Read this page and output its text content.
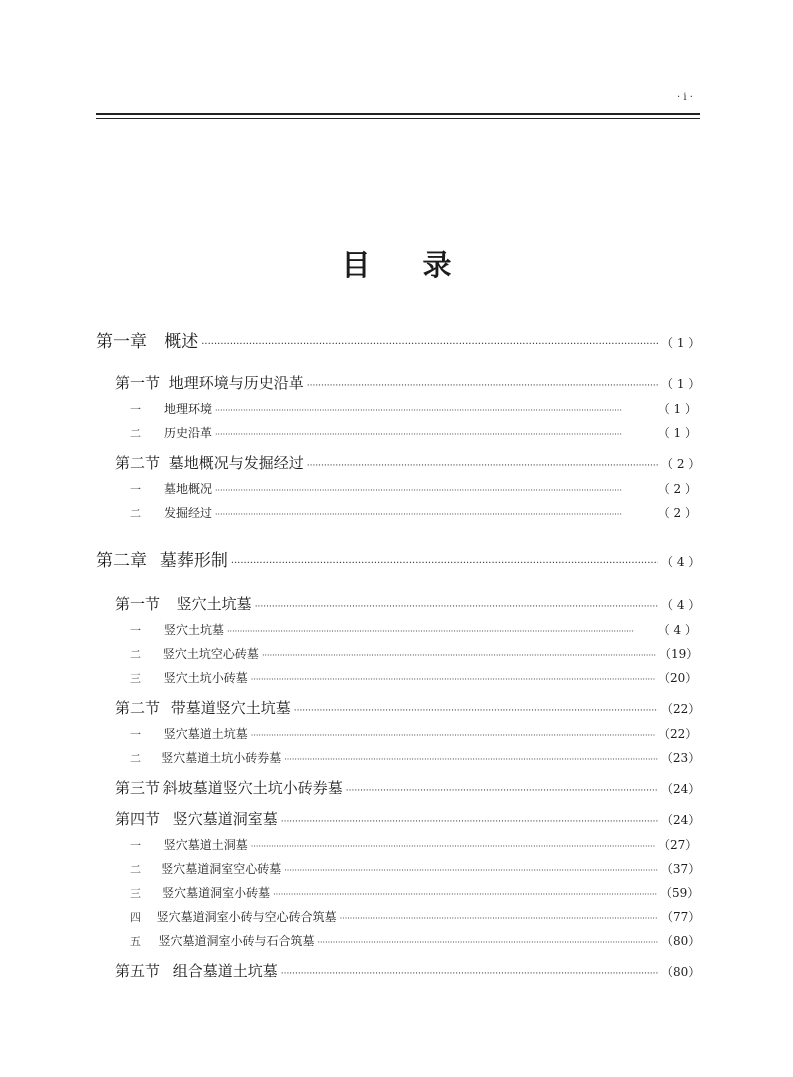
· i ·
目录
第一章	概述 ·····	（ 1 ）
第一节 地理环境与历史沿革 ·····	（ 1 ）
一	地理环境 ·····	（ 1 ）
二	历史沿革 ·····	（ 1 ）
第二节 墓地概况与发掘经过 ·····	（ 2 ）
一	墓地概况 ·····	（ 2 ）
二	发掘经过 ·····	（ 2 ）
第二章 墓葬形制 ·····	（ 4 ）
第一节	竖穴土坑墓 ·····	（ 4 ）
一	竖穴土坑墓 ·····	（ 4 ）
二	竖穴土坑空心砖墓 ·····	（19）
三	竖穴土坑小砖墓 ·····	（20）
第二节 带墓道竖穴土坑墓 ·····	（22）
一	竖穴墓道土坑墓 ·····	（22）
二	竖穴墓道土坑小砖券墓 ·····	（23）
第三节 斜坡墓道竖穴土坑小砖券墓 ·····	（24）
第四节 竖穴墓道洞室墓 ·····	（24）
一	竖穴墓道土洞墓 ·····	（27）
二	竖穴墓道洞室空心砖墓 ·····	（37）
三	竖穴墓道洞室小砖墓 ·····	（59）
四	竖穴墓道洞室小砖与空心砖合筑墓 ·····	（77）
五	竖穴墓道洞室小砖与石合筑墓 ·····	（80）
第五节 组合墓道土坑墓 ·····	（80）
